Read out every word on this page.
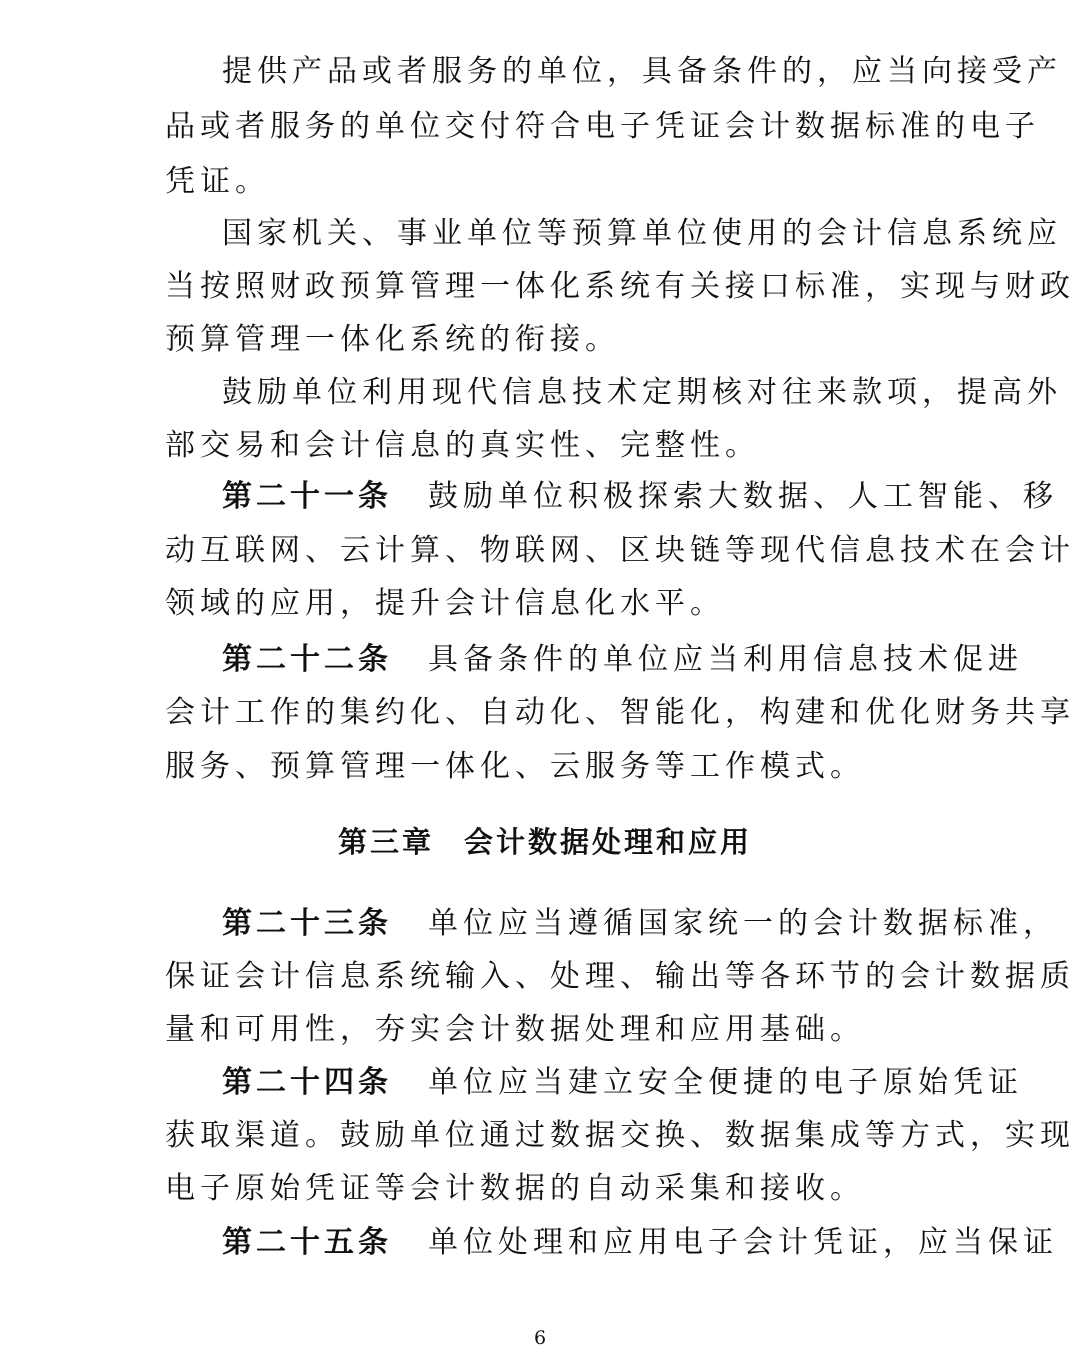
提供产品或者服务的单位，具备条件的，应当向接受产
品或者服务的单位交付符合电子凭证会计数据标准的电子
凭证。
国家机关、事业单位等预算单位使用的会计信息系统应
当按照财政预算管理一体化系统有关接口标准，实现与财政
预算管理一体化系统的衔接。
鼓励单位利用现代信息技术定期核对往来款项，提高外
部交易和会计信息的真实性、完整性。
第二十一条 鼓励单位积极探索大数据、人工智能、移
动互联网、云计算、物联网、区块链等现代信息技术在会计
领域的应用，提升会计信息化水平。
第二十二条 具备条件的单位应当利用信息技术促进
会计工作的集约化、自动化、智能化，构建和优化财务共享
服务、预算管理一体化、云服务等工作模式。
第三章 会计数据处理和应用
第二十三条 单位应当遵循国家统一的会计数据标准，
保证会计信息系统输入、处理、输出等各环节的会计数据质
量和可用性，夯实会计数据处理和应用基础。
第二十四条 单位应当建立安全便捷的电子原始凭证
获取渠道。鼓励单位通过数据交换、数据集成等方式，实现
电子原始凭证等会计数据的自动采集和接收。
第二十五条 单位处理和应用电子会计凭证，应当保证
6
